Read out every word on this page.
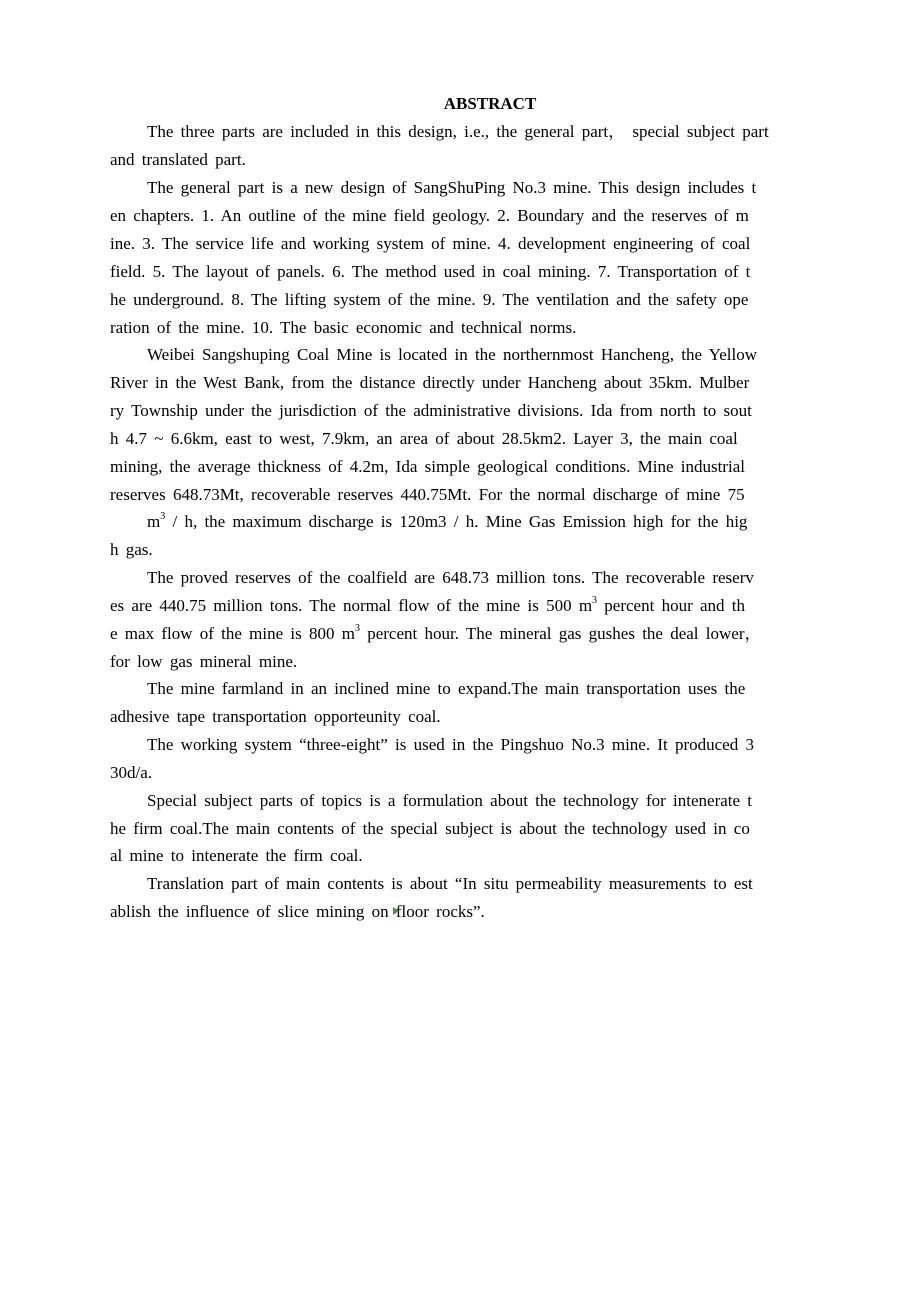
ABSTRACT
The three parts are included in this design, i.e., the general part， special subject part
and translated part.
The general part is a new design of SangShuPing No.3 mine. This design includes t
en chapters. 1. An outline of the mine field geology. 2. Boundary and the reserves of m
ine. 3. The service life and working system of mine. 4. development engineering of coal
field. 5. The layout of panels. 6. The method used in coal mining. 7. Transportation of t
he underground. 8. The lifting system of the mine. 9. The ventilation and the safety ope
ration of the mine. 10. The basic economic and technical norms.
Weibei Sangshuping Coal Mine is located in the northernmost Hancheng, the Yellow
River in the West Bank, from the distance directly under Hancheng about 35km. Mulber
ry Township under the jurisdiction of the administrative divisions. Ida from north to sout
h 4.7 ~ 6.6km, east to west, 7.9km, an area of about 28.5km2. Layer 3, the main coal
mining, the average thickness of 4.2m, Ida simple geological conditions. Mine industrial
reserves 648.73Mt, recoverable reserves 440.75Mt. For the normal discharge of mine 75
$m^3$ / h, the maximum discharge is 120m3 / h. Mine Gas Emission high for the hig
h gas.
The proved reserves of the coalfield are 648.73 million tons. The recoverable reserv
es are 440.75 million tons. The normal flow of the mine is 500 $m^3$ percent hour and th
e max flow of the mine is 800 $m^3$ percent hour. The mineral gas gushes the deal lower，
for low gas mineral mine.
The mine farmland in an inclined mine to expand.The main transportation uses the
adhesive tape transportation opporteunity coal.
The working system “three-eight” is used in the Pingshuo No.3 mine. It produced 3
30d/a.
Special subject parts of topics is a formulation about the technology for intenerate t
he firm coal.The main contents of the special subject is about the technology used in co
al mine to intenerate the firm coal.
Translation part of main contents is about “In situ permeability measurements to est
ablish the influence of slice mining on floor rocks”.
